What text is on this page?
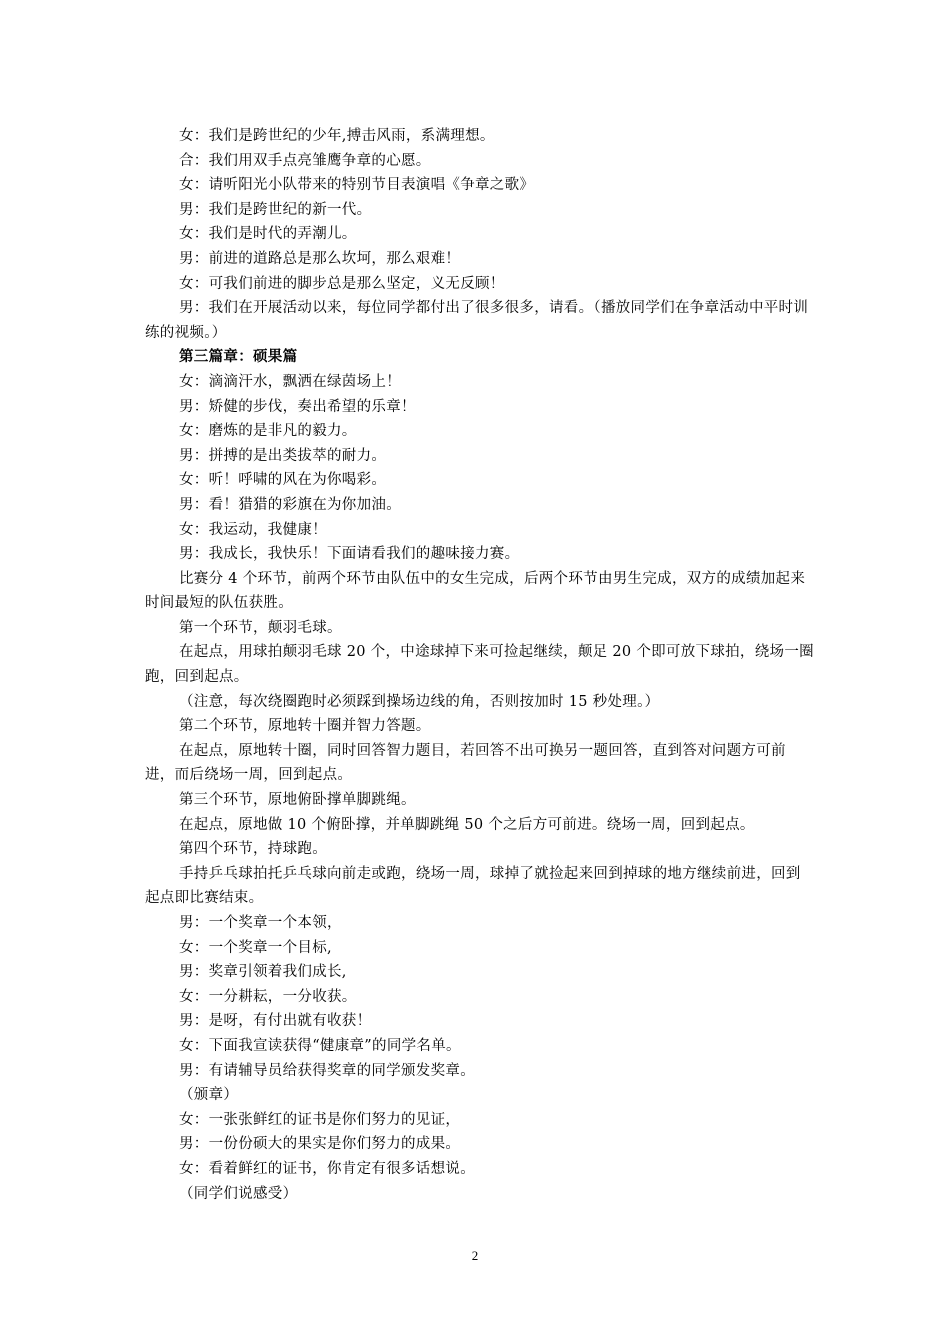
女：我们是跨世纪的少年,搏击风雨，系满理想。

合：我们用双手点亮雏鹰争章的心愿。

女：请听阳光小队带来的特别节目表演唱《争章之歌》

男：我们是跨世纪的新一代。

女：我们是时代的弄潮儿。

男：前进的道路总是那么坎坷，那么艰难！

女：可我们前进的脚步总是那么坚定，义无反顾！

男：我们在开展活动以来，每位同学都付出了很多很多，请看。（播放同学们在争章活动中平时训练的视频。）

第三篇章：硕果篇

女：滴滴汗水，飘洒在绿茵场上！

男：矫健的步伐，奏出希望的乐章！

女：磨炼的是非凡的毅力。

男：拼搏的是出类拔萃的耐力。

女：听！呼啸的风在为你喝彩。

男：看！猎猎的彩旗在为你加油。

女：我运动，我健康！

男：我成长，我快乐！下面请看我们的趣味接力赛。

比赛分 4 个环节，前两个环节由队伍中的女生完成，后两个环节由男生完成，双方的成绩加起来时间最短的队伍获胜。

第一个环节，颠羽毛球。

在起点，用球拍颠羽毛球 20 个，中途球掉下来可捡起继续，颠足 20 个即可放下球拍，绕场一圈跑，回到起点。

（注意，每次绕圈跑时必须踩到操场边线的角，否则按加时 15 秒处理。）

第二个环节，原地转十圈并智力答题。

在起点，原地转十圈，同时回答智力题目，若回答不出可换另一题回答，直到答对问题方可前进，而后绕场一周，回到起点。

第三个环节，原地俯卧撑单脚跳绳。

在起点，原地做 10 个俯卧撑，并单脚跳绳 50 个之后方可前进。绕场一周，回到起点。

第四个环节，持球跑。

手持乒乓球拍托乒乓球向前走或跑，绕场一周，球掉了就捡起来回到掉球的地方继续前进，回到起点即比赛结束。

男：一个奖章一个本领，

女：一个奖章一个目标,

男：奖章引领着我们成长,

女：一分耕耘，一分收获。

男：是呀，有付出就有收获！

女：下面我宣读获得“健康章”的同学名单。

男：有请辅导员给获得奖章的同学颁发奖章。

（颁章）

女：一张张鲜红的证书是你们努力的见证，

男：一份份硕大的果实是你们努力的成果。

女：看着鲜红的证书，你肯定有很多话想说。

（同学们说感受）

2
